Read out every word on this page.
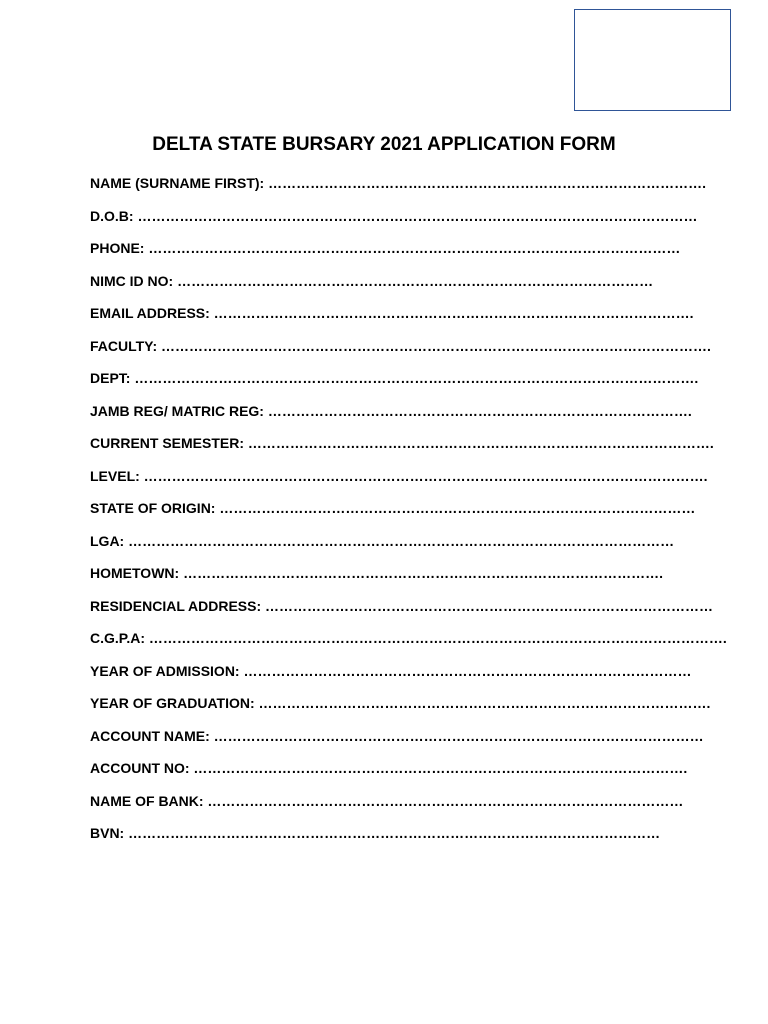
DELTA STATE BURSARY 2021 APPLICATION FORM
NAME (SURNAME FIRST): ………………………………………………………………………………….
D.O.B: …………………………………………………………………………………………………………
PHONE: ……………………………………………………………………………………………………
NIMC ID NO: …………………………………………………………………………………………
EMAIL ADDRESS: ………………………………………………………………………………………….
FACULTY: ……………………………………………………………………………………………………….
DEPT: ………………………………………………………………………………………………………….
JAMB REG/ MATRIC REG: ……………………………………………………………………………….
CURRENT SEMESTER: ……………………………………………………………………………………….
LEVEL: ………………………………………………………………………………………………………….
STATE OF ORIGIN: …………………………………………………………………………………………
LGA: ………………………………………………………………………………………………………
HOMETOWN: ………………………………………………………………………………………….
RESIDENCIAL ADDRESS: ……………………………………………………………………………………
C.G.P.A: …………………………………………………………………………………………………………….
YEAR OF ADMISSION: ……………………………………………………………………………………
YEAR OF GRADUATION: …………………………………………………………………………………….
ACCOUNT NAME: ……………………………………………………………………………………………
ACCOUNT NO: …………………………………………………………………………………………….
NAME OF BANK: …………………………………………………………………………………………
BVN: ……………………………………………………………………………………………………
